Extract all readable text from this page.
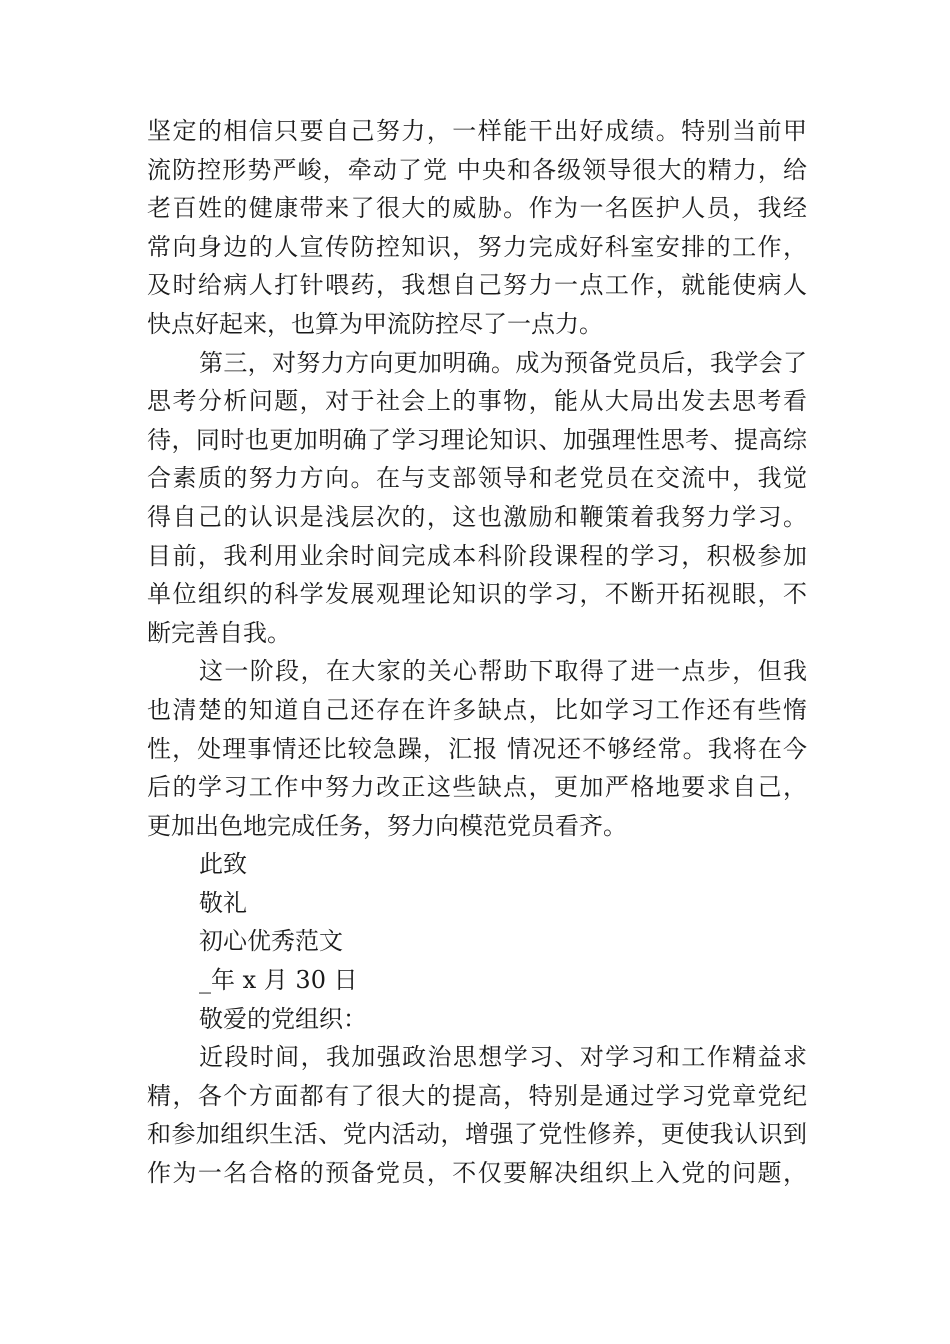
坚定的相信只要自己努力，一样能干出好成绩。特别当前甲
流防控形势严峻，牵动了党 中央和各级领导很大的精力，给
老百姓的健康带来了很大的威胁。作为一名医护人员，我经
常向身边的人宣传防控知识，努力完成好科室安排的工作，
及时给病人打针喂药，我想自己努力一点工作，就能使病人
快点好起来，也算为甲流防控尽了一点力。
第三，对努力方向更加明确。成为预备党员后，我学会了
思考分析问题，对于社会上的事物，能从大局出发去思考看
待，同时也更加明确了学习理论知识、加强理性思考、提高综
合素质的努力方向。在与支部领导和老党员在交流中，我觉
得自己的认识是浅层次的，这也激励和鞭策着我努力学习。
目前，我利用业余时间完成本科阶段课程的学习，积极参加
单位组织的科学发展观理论知识的学习，不断开拓视眼，不
断完善自我。
这一阶段，在大家的关心帮助下取得了进一点步，但我
也清楚的知道自己还存在许多缺点，比如学习工作还有些惰
性，处理事情还比较急躁，汇报 情况还不够经常。我将在今
后的学习工作中努力改正这些缺点，更加严格地要求自己，
更加出色地完成任务，努力向模范党员看齐。
此致
敬礼
初心优秀范文
_年 x 月 30 日
敬爱的党组织：
近段时间，我加强政治思想学习、对学习和工作精益求
精，各个方面都有了很大的提高，特别是通过学习党章党纪
和参加组织生活、党内活动，增强了党性修养，更使我认识到
作为一名合格的预备党员，不仅要解决组织上入党的问题，
